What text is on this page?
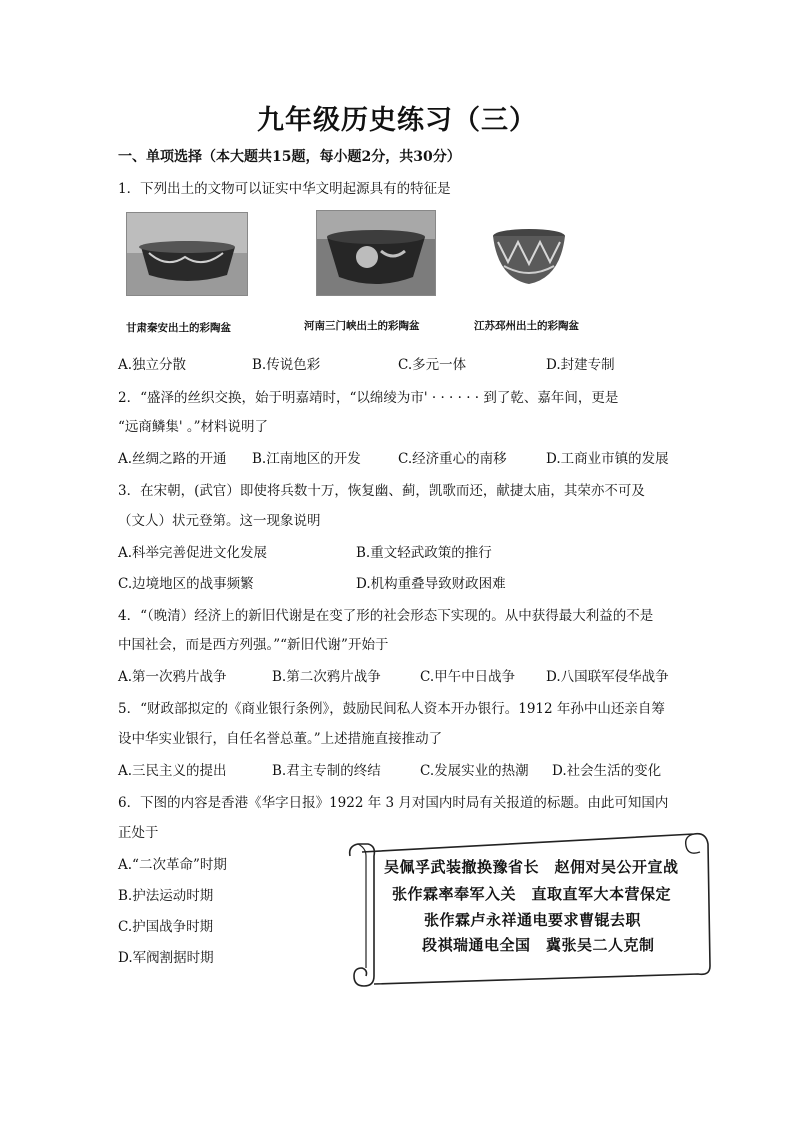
九年级历史练习（三）
一、单项选择（本大题共15题，每小题2分，共30分）
1．下列出土的文物可以证实中华文明起源具有的特征是
甘肃秦安出土的彩陶盆	河南三门峡出土的彩陶盆	江苏邳州出土的彩陶盆
A.独立分散	B.传说色彩	C.多元一体	D.封建专制
2．“盛泽的丝织交换，始于明嘉靖时，“以绵绫为市' · · · · · · 到了乾、嘉年间，更是
“远商鳞集' 。”材料说明了
A.丝绸之路的开通 B.江南地区的开发	C.经济重心的南移	D.工商业市镇的发展
3．在宋朝，(武官）即使将兵数十万，恢复幽、蓟，凯歌而还，献捷太庙，其荣亦不可及
（文人）状元登第。这一现象说明
A.科举完善促进文化发展	B.重文轻武政策的推行
C.边境地区的战事频繁	D.机构重叠导致财政困难
4．“（晚清）经济上的新旧代谢是在变了形的社会形态下实现的。从中获得最大利益的不是
中国社会，而是西方列强。”“新旧代谢”开始于
A.第一次鸦片战争	B.第二次鸦片战争	C.甲午中日战争 D.八国联军侵华战争
5．“财政部拟定的《商业银行条例》，鼓励民间私人资本开办银行。1912 年孙中山还亲自筹
设中华实业银行，自任名誉总董。”上述措施直接推动了
A.三民主义的提出	B.君主专制的终结	C.发展实业的热潮 D.社会生活的变化
6．下图的内容是香港《华字日报》1922 年 3 月对国内时局有关报道的标题。由此可知国内
正处于
A.“二次革命”时期
B.护法运动时期
C.护国战争时期
D.军阀割据时期
吴佩孚武装撤换豫省长　赵佣对吴公开宣战
张作霖率奉军入关　直取直军大本营保定
张作霖卢永祥通电要求曹锟去职
段祺瑞通电全国　冀张吴二人克制
